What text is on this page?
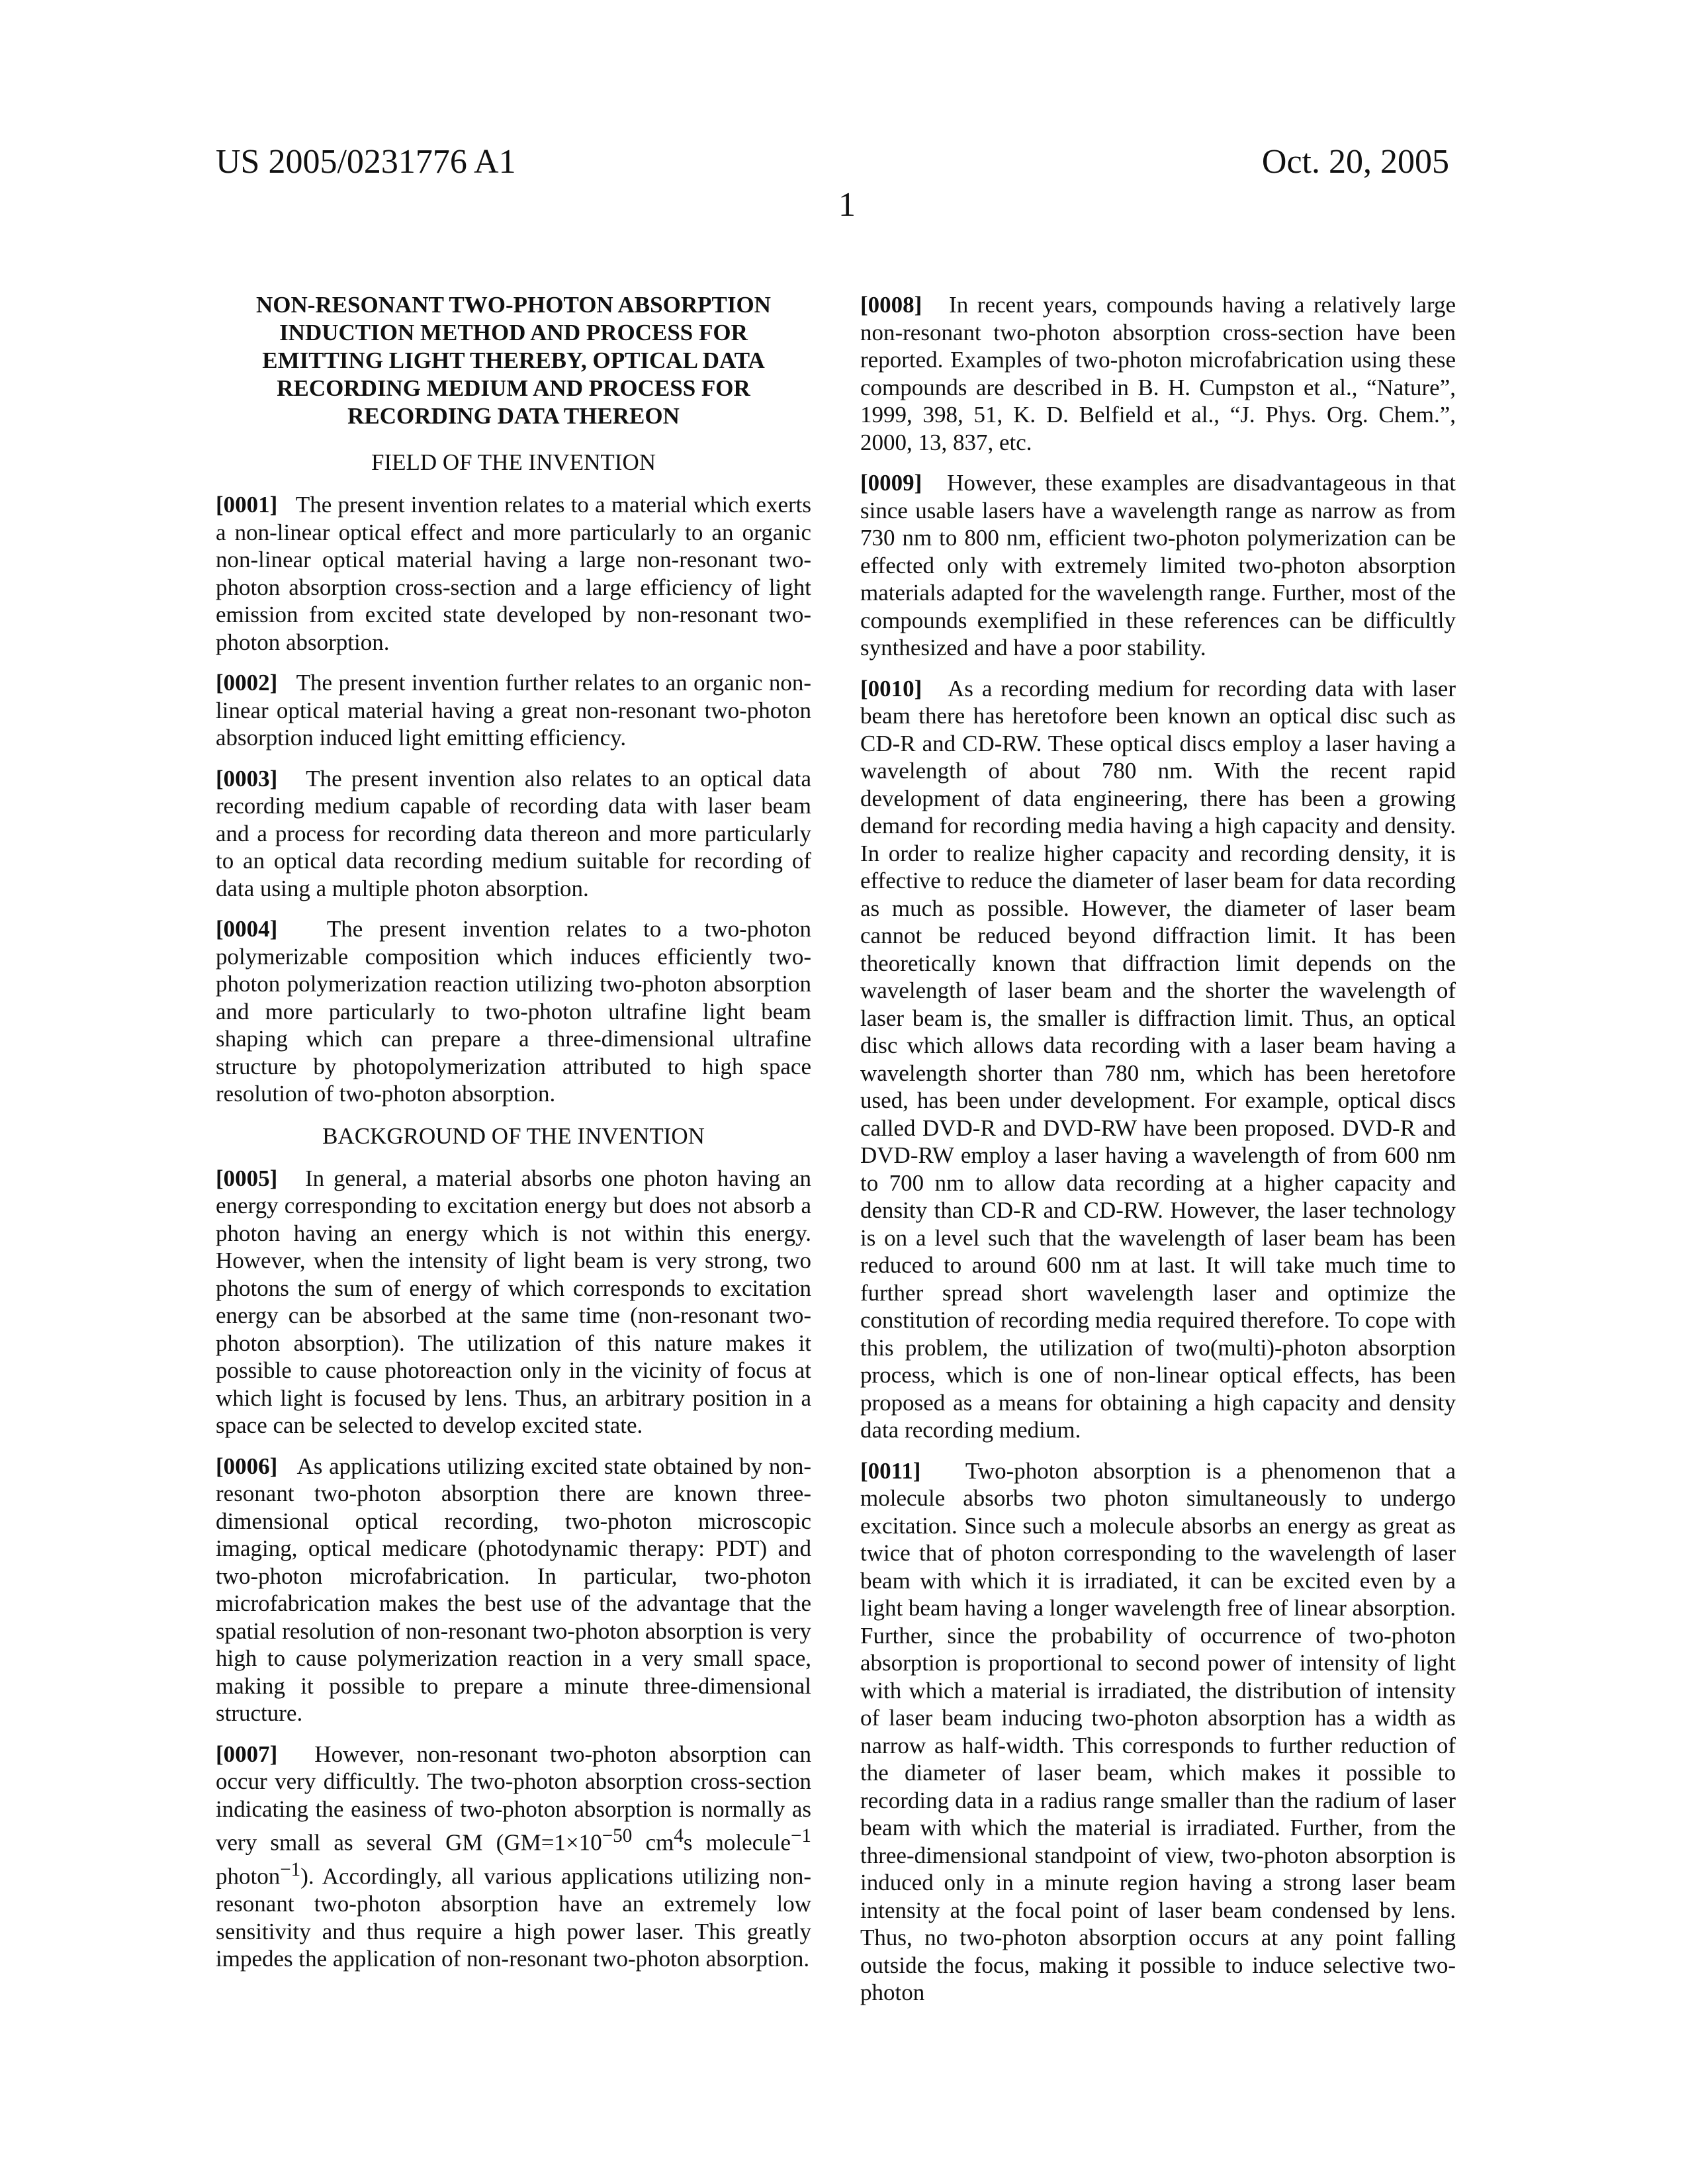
US 2005/0231776 A1	Oct. 20, 2005
1
NON-RESONANT TWO-PHOTON ABSORPTION
INDUCTION METHOD AND PROCESS FOR
EMITTING LIGHT THEREBY, OPTICAL DATA
RECORDING MEDIUM AND PROCESS FOR
RECORDING DATA THEREON
FIELD OF THE INVENTION

[0001] The present invention relates to a material which exerts a non-linear optical effect and more particularly to an organic non-linear optical material having a large non-resonant two-photon absorption cross-section and a large efficiency of light emission from excited state developed by non-resonant two-photon absorption.

[0002] The present invention further relates to an organic non-linear optical material having a great non-resonant two-photon absorption induced light emitting efficiency.

[0003] The present invention also relates to an optical data recording medium capable of recording data with laser beam and a process for recording data thereon and more particularly to an optical data recording medium suitable for recording of data using a multiple photon absorption.

[0004] The present invention relates to a two-photon polymerizable composition which induces efficiently two-photon polymerization reaction utilizing two-photon absorption and more particularly to two-photon ultrafine light beam shaping which can prepare a three-dimensional ultrafine structure by photopolymerization attributed to high space resolution of two-photon absorption.

BACKGROUND OF THE INVENTION

[0005] In general, a material absorbs one photon having an energy corresponding to excitation energy but does not absorb a photon having an energy which is not within this energy. However, when the intensity of light beam is very strong, two photons the sum of energy of which corresponds to excitation energy can be absorbed at the same time (non-resonant two-photon absorption). The utilization of this nature makes it possible to cause photoreaction only in the vicinity of focus at which light is focused by lens. Thus, an arbitrary position in a space can be selected to develop excited state.

[0006] As applications utilizing excited state obtained by non-resonant two-photon absorption there are known three-dimensional optical recording, two-photon microscopic imaging, optical medicare (photodynamic therapy: PDT) and two-photon microfabrication. In particular, two-photon microfabrication makes the best use of the advantage that the spatial resolution of non-resonant two-photon absorption is very high to cause polymerization reaction in a very small space, making it possible to prepare a minute three-dimensional structure.

[0007] However, non-resonant two-photon absorption can occur very difficultly. The two-photon absorption cross-section indicating the easiness of two-photon absorption is normally as very small as several GM (GM=1×10−50 cm4s molecule−1 photon−1). Accordingly, all various applications utilizing non-resonant two-photon absorption have an extremely low sensitivity and thus require a high power laser. This greatly impedes the application of non-resonant two-photon absorption.

[0008] In recent years, compounds having a relatively large non-resonant two-photon absorption cross-section have been reported. Examples of two-photon microfabrication using these compounds are described in B. H. Cumpston et al., “Nature”, 1999, 398, 51, K. D. Belfield et al., “J. Phys. Org. Chem.”, 2000, 13, 837, etc.

[0009] However, these examples are disadvantageous in that since usable lasers have a wavelength range as narrow as from 730 nm to 800 nm, efficient two-photon polymerization can be effected only with extremely limited two-photon absorption materials adapted for the wavelength range. Further, most of the compounds exemplified in these references can be difficultly synthesized and have a poor stability.

[0010] As a recording medium for recording data with laser beam there has heretofore been known an optical disc such as CD-R and CD-RW. These optical discs employ a laser having a wavelength of about 780 nm. With the recent rapid development of data engineering, there has been a growing demand for recording media having a high capacity and density. In order to realize higher capacity and recording density, it is effective to reduce the diameter of laser beam for data recording as much as possible. However, the diameter of laser beam cannot be reduced beyond diffraction limit. It has been theoretically known that diffraction limit depends on the wavelength of laser beam and the shorter the wavelength of laser beam is, the smaller is diffraction limit. Thus, an optical disc which allows data recording with a laser beam having a wavelength shorter than 780 nm, which has been heretofore used, has been under development. For example, optical discs called DVD-R and DVD-RW have been proposed. DVD-R and DVD-RW employ a laser having a wavelength of from 600 nm to 700 nm to allow data recording at a higher capacity and density than CD-R and CD-RW. However, the laser technology is on a level such that the wavelength of laser beam has been reduced to around 600 nm at last. It will take much time to further spread short wavelength laser and optimize the constitution of recording media required therefore. To cope with this problem, the utilization of two(multi)-photon absorption process, which is one of non-linear optical effects, has been proposed as a means for obtaining a high capacity and density data recording medium.

[0011] Two-photon absorption is a phenomenon that a molecule absorbs two photon simultaneously to undergo excitation. Since such a molecule absorbs an energy as great as twice that of photon corresponding to the wavelength of laser beam with which it is irradiated, it can be excited even by a light beam having a longer wavelength free of linear absorption. Further, since the probability of occurrence of two-photon absorption is proportional to second power of intensity of light with which a material is irradiated, the distribution of intensity of laser beam inducing two-photon absorption has a width as narrow as half-width. This corresponds to further reduction of the diameter of laser beam, which makes it possible to recording data in a radius range smaller than the radium of laser beam with which the material is irradiated. Further, from the three-dimensional standpoint of view, two-photon absorption is induced only in a minute region having a strong laser beam intensity at the focal point of laser beam condensed by lens. Thus, no two-photon absorption occurs at any point falling outside the focus, making it possible to induce selective two-photon
